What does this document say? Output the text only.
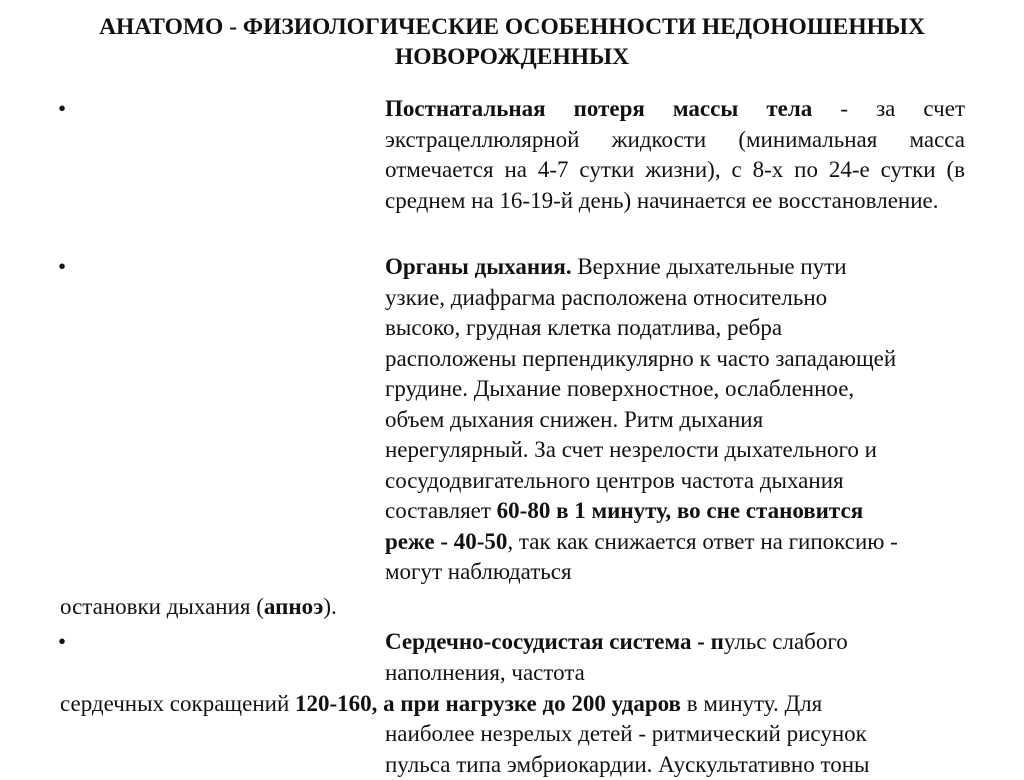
АНАТОМО - ФИЗИОЛОГИЧЕСКИЕ ОСОБЕННОСТИ НЕДОНОШЕННЫХ
НОВОРОЖДЕННЫХ
•	Постнатальная потеря массы тела - за счет экстрацеллюлярной жидкости (минимальная масса отмечается на 4-7 сутки жизни), с 8-х по 24-е сутки (в среднем на 16-19-й день) начинается ее восстановление.
•	Органы дыхания. Верхние дыхательные пути
узкие, диафрагма расположена относительно
высоко, грудная клетка податлива, ребра
расположены перпендикулярно к часто западающей
грудине. Дыхание поверхностное, ослабленное,
объем дыхания снижен. Ритм дыхания
нерегулярный. За счет незрелости дыхательного и
сосудодвигательного центров частота дыхания
составляет 60-80 в 1 минуту, во сне становится
реже - 40-50, так как снижается ответ на гипоксию -
могут наблюдаться
остановки дыхания (апноэ).
•	Сердечно-сосудистая система - пульс слабого
наполнения, частота
сердечных сокращений 120-160, а при нагрузке до 200 ударов в минуту. Для
наиболее незрелых детей - ритмический рисунок
пульса типа эмбриокардии. Аускультативно тоны
